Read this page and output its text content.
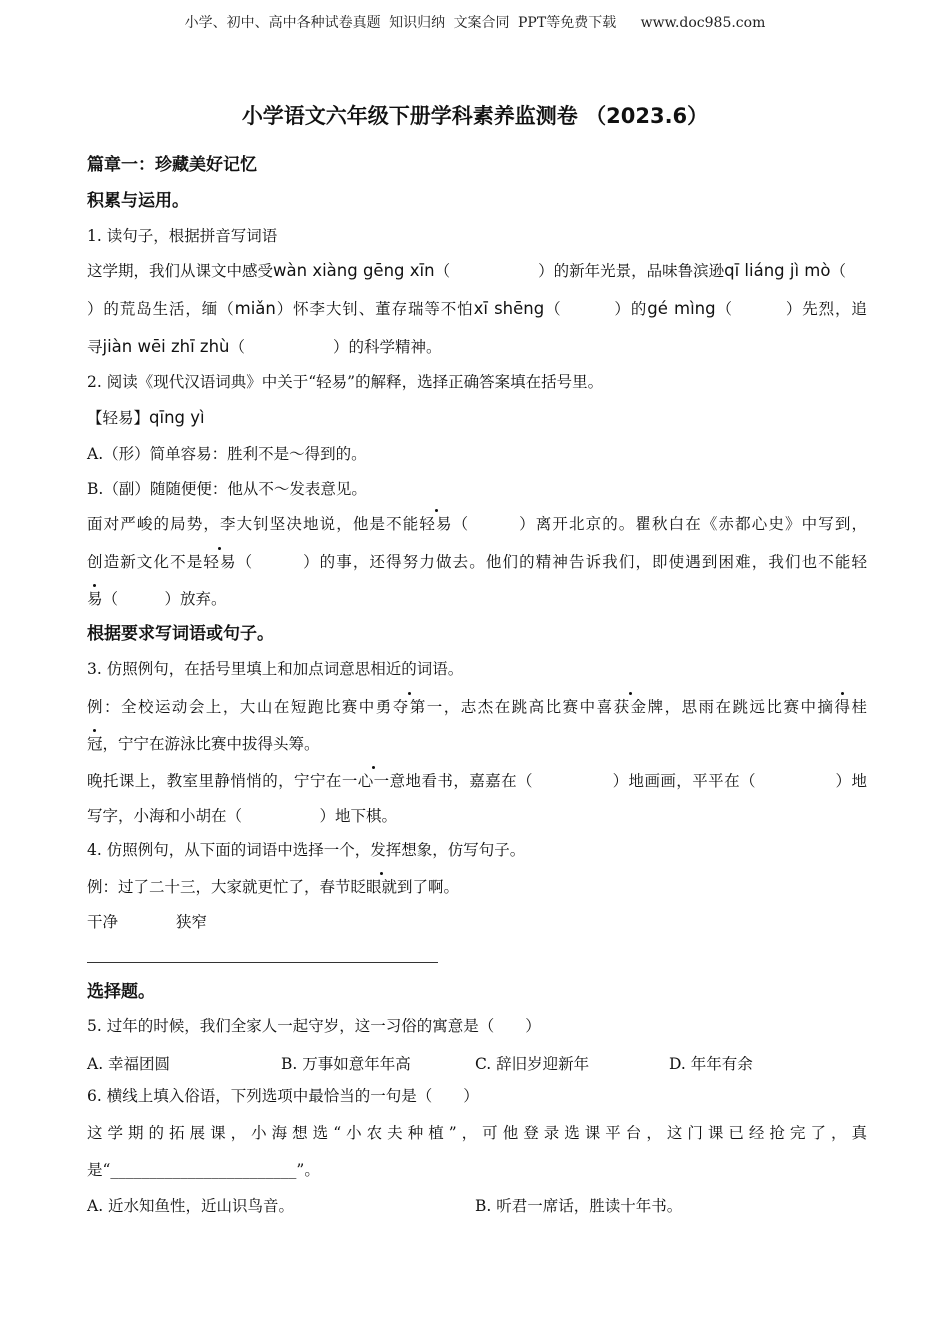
小学、初中、高中各种试卷真题 知识归纳 文案合同 PPT等免费下载 www.doc985.com
小学语文六年级下册学科素养监测卷 （2023.6）
篇章一：珍藏美好记忆
积累与运用。
1. 读句子，根据拼音写词语
这学期，我们从课文中感受wàn xiàng gēng xīn（	）的新年光景，品味鲁滨逊qī liáng jì mò（
）的荒岛生活，缅（miǎn）怀李大钊、董存瑞等不怕xī shēng（	）的gé mìng（	）先烈，追
寻jiàn wēi zhī zhù（	）的科学精神。
2. 阅读《现代汉语词典》中关于“轻易”的解释，选择正确答案填在括号里。
【轻易】qīng yì
A.（形）简单容易：胜利不是～得到的。
B.（副）随随便便：他从不～发表意见。
面对严峻的局势，李大钊坚决地说，他是不能轻易（　　　）离开北京的。瞿秋白在《赤都心史》中写到，
创造新文化不是轻易（　　　）的事，还得努力做去。他们的精神告诉我们，即使遇到困难，我们也不能轻
易（　　　）放弃。
根据要求写词语或句子。
3. 仿照例句，在括号里填上和加点词意思相近的词语。
例：全校运动会上，大山在短跑比赛中勇夺第一，志杰在跳高比赛中喜获金牌，思雨在跳远比赛中摘得桂
冠，宁宁在游泳比赛中拔得头筹。
晚托课上，教室里静悄悄的，宁宁在一心一意地看书，嘉嘉在（　　　　　）地画画，平平在（　　　　　）地
写字，小海和小胡在（　　　　　）地下棋。
4. 仿照例句，从下面的词语中选择一个，发挥想象，仿写句子。
例：过了二十三，大家就更忙了，春节眨眼就到了啊。
干净	狭窄
选择题。
5. 过年的时候，我们全家人一起守岁，这一习俗的寓意是（　　）
A. 幸福团圆	B. 万事如意年年高	C. 辞旧岁迎新年	D. 年年有余
6. 横线上填入俗语，下列选项中最恰当的一句是（　　）
这学期的拓展课，小海想选“小农夫种植”，可他登录选课平台，这门课已经抢完了，真
是“________________________”。
A. 近水知鱼性，近山识鸟音。	B. 听君一席话，胜读十年书。
